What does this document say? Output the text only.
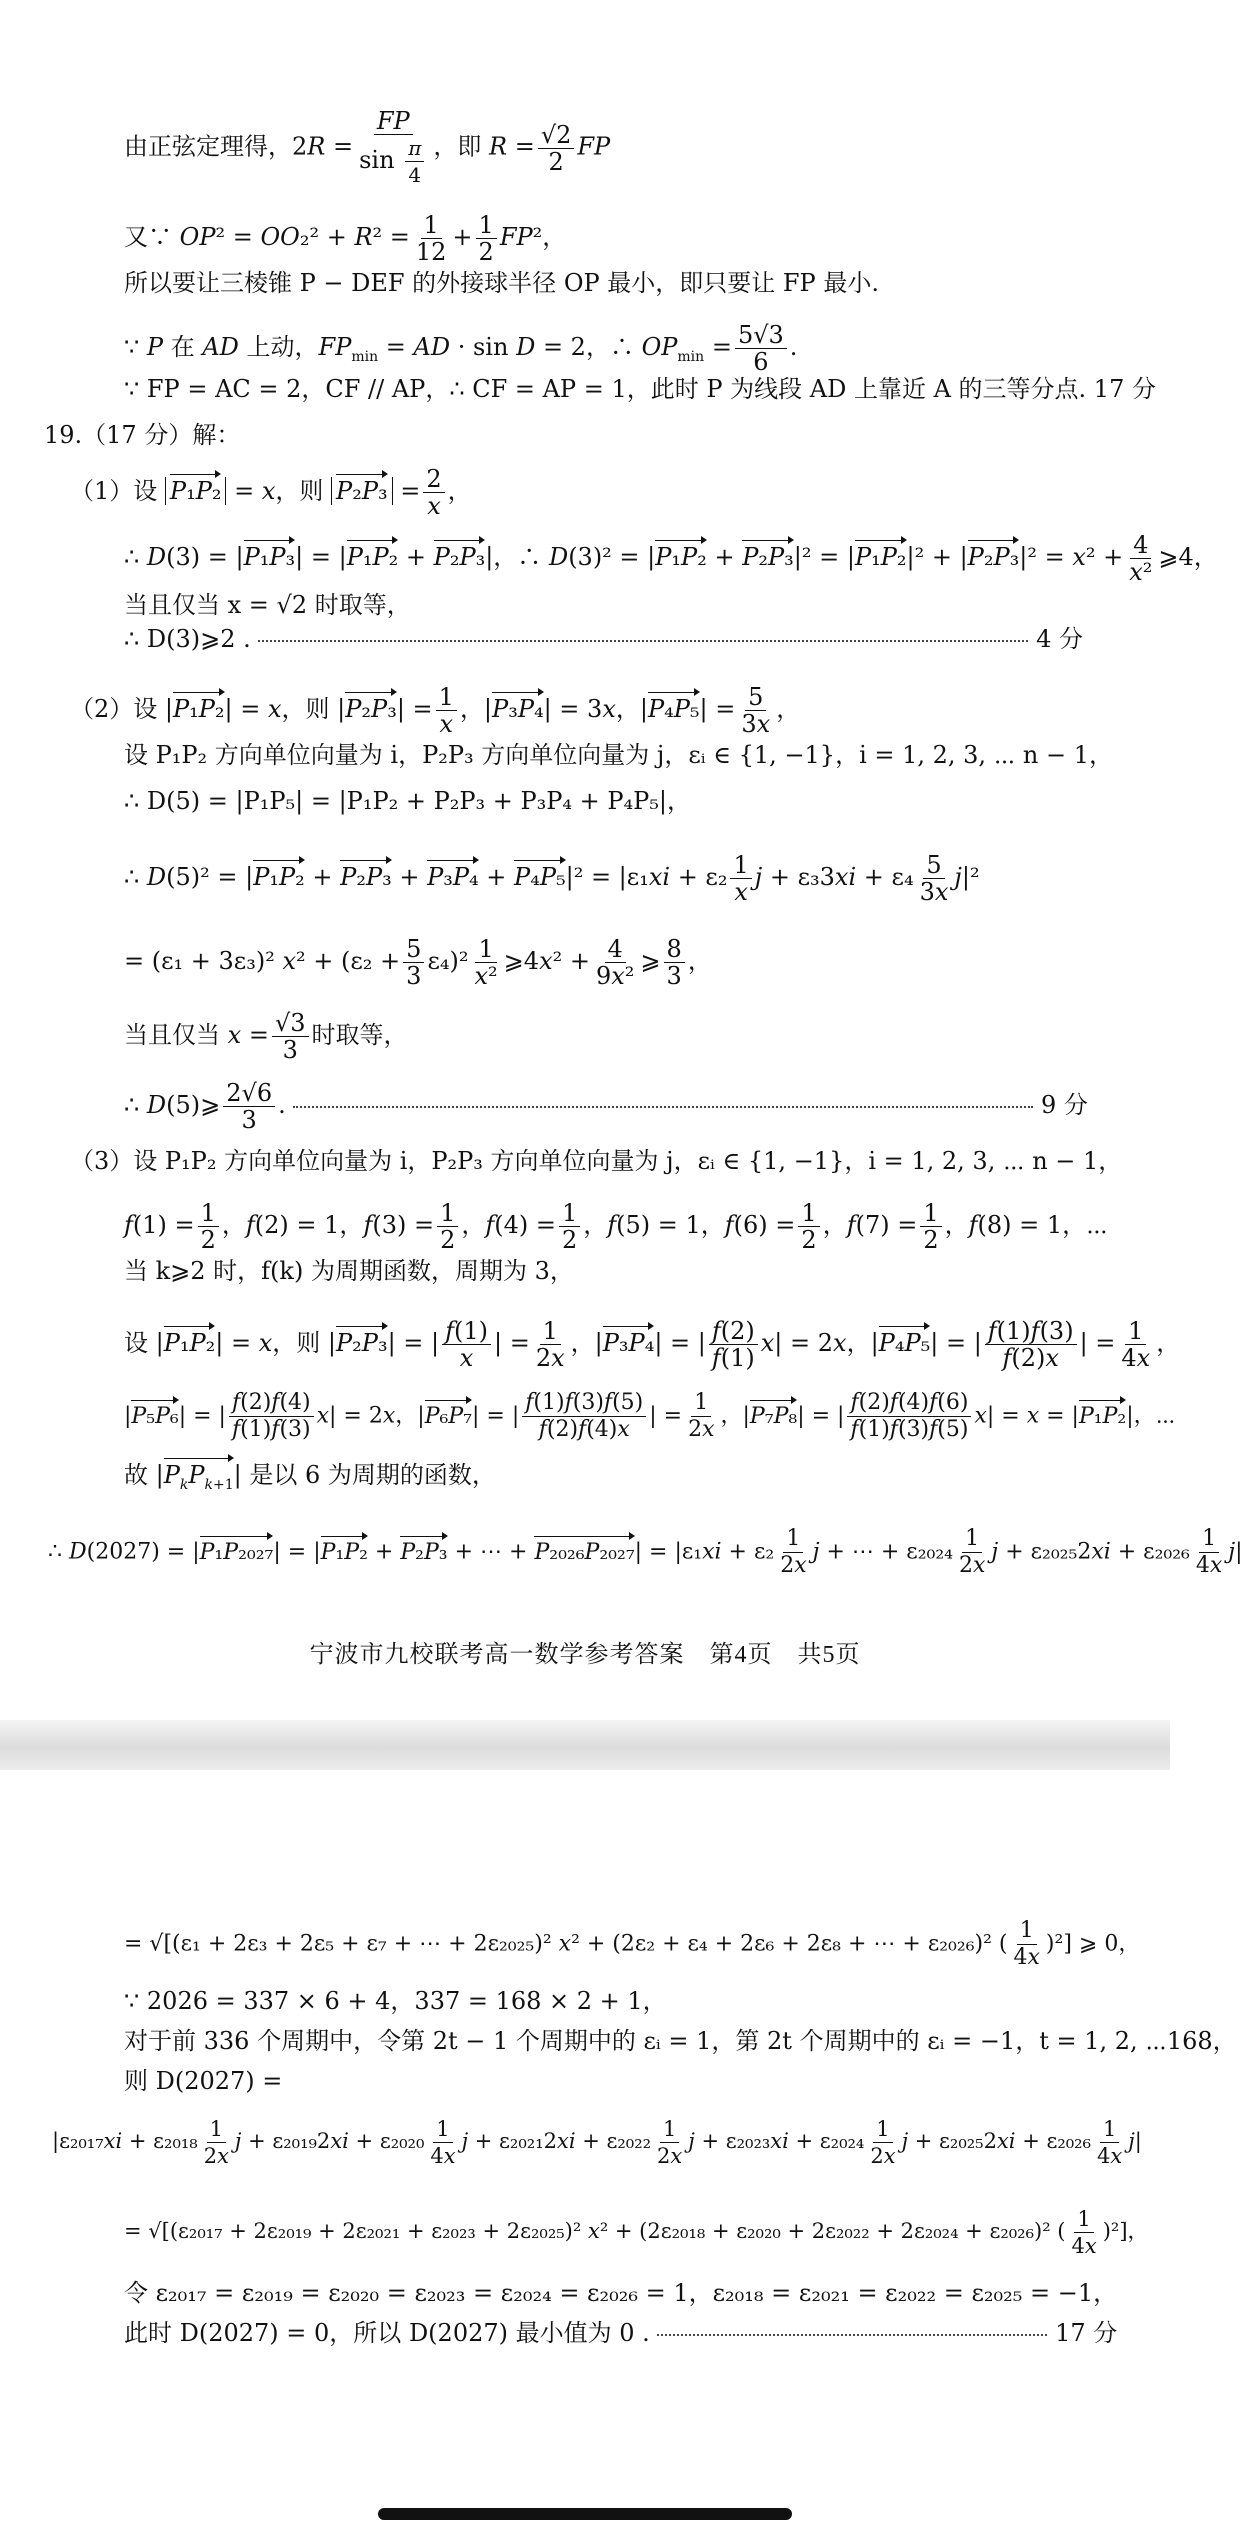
由正弦定理得，$2R = \frac{FP}{\sin \frac{\pi}{4}}$ ，即 $R = \frac{√2}{2}$ FP
又∵ $OP^2 = OO_2^2 + R^2 = \frac{1}{12} + \frac{1}{2} FP^2$，
所以要让三棱锥 P − DEF 的外接球半径 OP 最小，即只要让 FP 最小.
∵ P 在 AD 上动，$FP_{min}$ = AD · sin D = 2，∴ $OP_{min} = \frac{5√3}{6}$ .
∵ FP = AC = 2，CF // AP，∴ CF = AP = 1，此时 P 为线段 AD 上靠近 A 的三等分点. 17 分
19.（17 分）解：
（1）设 P₁P₂ = x，则 $P_2P_3 = \frac{2}{x}$ ，
∴ D(3) = |P₁P₃| = |P₁P₂ + P₂P₃|，∴ $D(3)^2 = |P_1P_2 + P_2P_3|^2 = |P_1P_2|^2 + |P_2P_3|^2 = x^2 + \frac{4}{\text{x²}}$ ⩾4，
当且仅当 x = √2 时取等，
∴ D(3)⩾2 .	4 分
（2）设 |P₁P₂| = x，则 $|P_2P_3| = \frac{1}{x}$ ，|P₃P₄| = 3x，$|P_4P_5| = \frac{5}{3x}$ ，
设 P₁P₂ 方向单位向量为 i，P₂P₃ 方向单位向量为 j，εᵢ ∈ {1, −1}，i = 1, 2, 3, ⋯ n − 1，
∴ D(5) = |P₁P₅| = |P₁P₂ + P₂P₃ + P₃P₄ + P₄P₅|，
∴ $D(5)^2 = |P_1P_2 + P_2P_3 + P_3P_4 + P_4P_5|^2 = |\varepsilon_1xi + \varepsilon_2 \frac{1}{x}$ $j + \varepsilon_33xi + \varepsilon_4 \frac{5}{3x} j|^2$
= (ε₁ + 3ε₃)² $x^2 + (\varepsilon_2 + \frac{5}{3} \varepsilon_4)^2 \frac{1}{\text{x²}}$ ⩾4x² + $\frac{4}{\text{9x²}}$ ⩾ $\frac{8}{3}$ ，
当且仅当 $x = \frac{√3}{3}$ 时取等，
∴ D(5)⩾ $\frac{2√6}{3}$ .	9 分
（3）设 P₁P₂ 方向单位向量为 i，P₂P₃ 方向单位向量为 j，εᵢ ∈ {1, −1}，i = 1, 2, 3, ⋯ n − 1，
$f(1) = \frac{1}{2}$ ，f(2) = 1，$f(3) = \frac{1}{2}$ ，$f(4) = \frac{1}{2}$ ，f(5) = 1，$f(6) = \frac{1}{2}$ ，$f(7) = \frac{1}{2}$ ，f(8) = 1，⋯
当 k⩾2 时，f(k) 为周期函数，周期为 3，
设 |P₁P₂| = x，则 |P₂P₃| = | $\frac{f(1)}{x}$ | = $\frac{1}{2x}$ ，|P₃P₄| = | $\frac{f(2)}{f(1)} x| = 2x$，|P₄P₅| = | $\frac{f(1)f(3)}{f(2)x}$ | = $\frac{1}{4x}$ ，
|P₅P₆| = | $\frac{f(2)f(4)}{f(1)f(3)} x| = 2x$，|P₆P₇| = | $\frac{f(1)f(3)f(5)}{f(2)f(4)x}$ | = $\frac{1}{2x}$ ，|P₇P₈| = | $\frac{f(2)f(4)f(6)}{f(1)f(3)f(5)} x| = x = |P_1P_2|$，⋯
故 $|P_kP_{k+1}|$ 是以 6 为周期的函数，
∴ D(2027) = |P₁P₂₀₂₇| = |P₁P₂ + P₂P₃ + ⋯ + $P_{2026}P_{2027}| = |\varepsilon_1xi + \varepsilon_2 \frac{1}{2x}$ j + ⋯ + $\varepsilon_{2024} \frac{1}{2x}$ $j + \varepsilon_{2025}2xi + \varepsilon_{2026} \frac{1}{4x} j|$
宁波市九校联考高一数学参考答案　第4页　共5页
= √[(ε₁ + 2ε₃ + 2ε₅ + ε₇ + ⋯ + 2ε₂₀₂₅)² x² + (2ε₂ + ε₄ + 2ε₆ + 2ε₈ + ⋯ + ε₂₀₂₆)² ( $\frac{1}{4x} )^2$] ⩾ 0，
∵ 2026 = 337 × 6 + 4，337 = 168 × 2 + 1，
对于前 336 个周期中，令第 2t − 1 个周期中的 εᵢ = 1，第 2t 个周期中的 εᵢ = −1，t = 1, 2, ⋯168，
则 D(2027) =
$|\varepsilon_{2017}xi + \varepsilon_{2018} \frac{1}{2x}$ $j + \varepsilon_{2019}2xi + \varepsilon_{2020} \frac{1}{4x}$ $j + \varepsilon_{2021}2xi + \varepsilon_{2022} \frac{1}{2x}$ $j + \varepsilon_{2023}xi + \varepsilon_{2024} \frac{1}{2x}$ $j + \varepsilon_{2025}2xi + \varepsilon_{2026} \frac{1}{4x} j|$
= √[(ε₂₀₁₇ + 2ε₂₀₁₉ + 2ε₂₀₂₁ + ε₂₀₂₃ + 2ε₂₀₂₅)² x² + (2ε₂₀₁₈ + ε₂₀₂₀ + 2ε₂₀₂₂ + 2ε₂₀₂₄ + ε₂₀₂₆)² ( $\frac{1}{4x} )^2$]，
令 ε₂₀₁₇ = ε₂₀₁₉ = ε₂₀₂₀ = ε₂₀₂₃ = ε₂₀₂₄ = ε₂₀₂₆ = 1，ε₂₀₁₈ = ε₂₀₂₁ = ε₂₀₂₂ = ε₂₀₂₅ = −1，
此时 D(2027) = 0，所以 D(2027) 最小值为 0 .	17 分
